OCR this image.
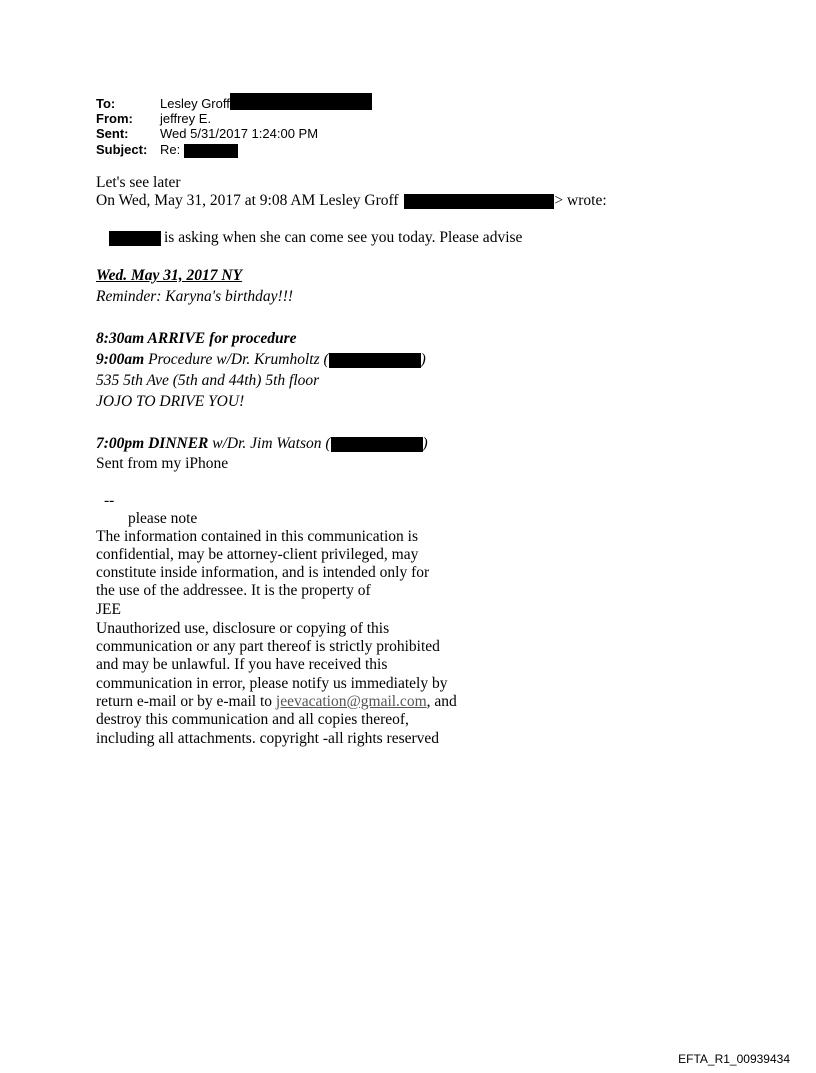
To:	Lesley Groff
From: jeffrey E.
Sent: Wed 5/31/2017 1:24:00 PM
Subject: Re:
Let's see later
On Wed, May 31, 2017 at 9:08 AM Lesley Groff	> wrote:
is asking when she can come see you today. Please advise
Wed. May 31, 2017 NY
Reminder: Karyna's birthday!!!
8:30am ARRIVE for procedure
9:00am Procedure w/Dr. Krumholtz (	)
535 5th Ave (5th and 44th) 5th floor
JOJO TO DRIVE YOU!
7:00pm DINNER w/Dr. Jim Watson (	)
Sent from my iPhone
--
please note
The information contained in this communication is
confidential, may be attorney-client privileged, may
constitute inside information, and is intended only for
the use of the addressee. It is the property of
JEE
Unauthorized use, disclosure or copying of this
communication or any part thereof is strictly prohibited
and may be unlawful. If you have received this
communication in error, please notify us immediately by
return e-mail or by e-mail to jeevacation@gmail.com, and
destroy this communication and all copies thereof,
including all attachments. copyright -all rights reserved
EFTA_R1_00939434
